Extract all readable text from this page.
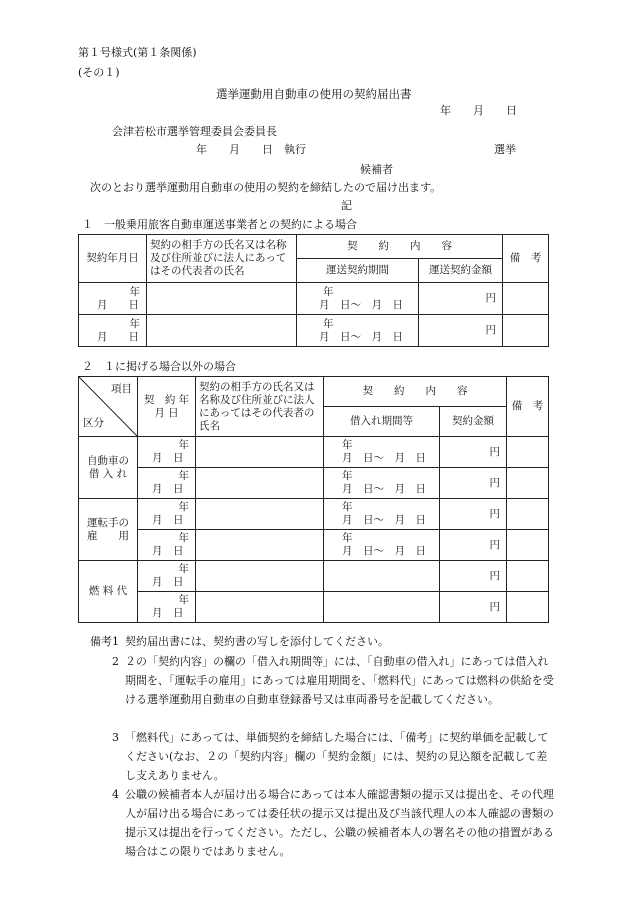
第１号様式(第１条関係)
(その１)
選挙運動用自動車の使用の契約届出書
年　　月　　日
会津若松市選挙管理委員会委員長
年　　月　　日　執行	選挙
候補者
次のとおり選挙運動用自動車の使用の契約を締結したので届け出ます。
記
１　一般乗用旅客自動車運送事業者との契約による場合
契約年月日	契約の相手方の氏名又は名称及び住所並びに法人にあってはその代表者の氏名	契　　約　　内　　容		備　考
		運送契約期間	運送契約金額	

年
月　　日		年
月　日〜　月　日	円	

年
月　　日		年
月　日〜　月　日	円	
２　１に掲げる場合以外の場合
項目
区分	契　約 年 月 日	契約の相手方の氏名又は名称及び住所並びに法人にあってはその代表者の氏名	契　　約　　内　　容		備　考
			借入れ期間等	契約金額	
自動車の借 入 れ	年
月　日		年
月　日〜　月　日	円	

	年
月　日		年
月　日〜　月　日	円	
運転手の雇　　用	年
月　日		年
月　日〜　月　日	円	

	年
月　日		年
月　日〜　月　日	円	
燃 料 代	年
月　日			円	

	年
月　日			円	
備考 1 契約届出書には、契約書の写しを添付してください。
2 ２の「契約内容」の欄の「借入れ期間等」には、「自動車の借入れ」にあっては借入れ期間を、「運転手の雇用」にあっては雇用期間を、「燃料代」にあっては燃料の供給を受ける選挙運動用自動車の自動車登録番号又は車両番号を記載してください。
3 「燃料代」にあっては、単価契約を締結した場合には、「備考」に契約単価を記載してください(なお、２の「契約内容」欄の「契約金額」には、契約の見込額を記載して差し支えありません。
4 公職の候補者本人が届け出る場合にあっては本人確認書類の提示又は提出を、その代理人が届け出る場合にあっては委任状の提示又は提出及び当該代理人の本人確認の書類の提示又は提出を行ってください。ただし、公職の候補者本人の署名その他の措置がある場合はこの限りではありません。
